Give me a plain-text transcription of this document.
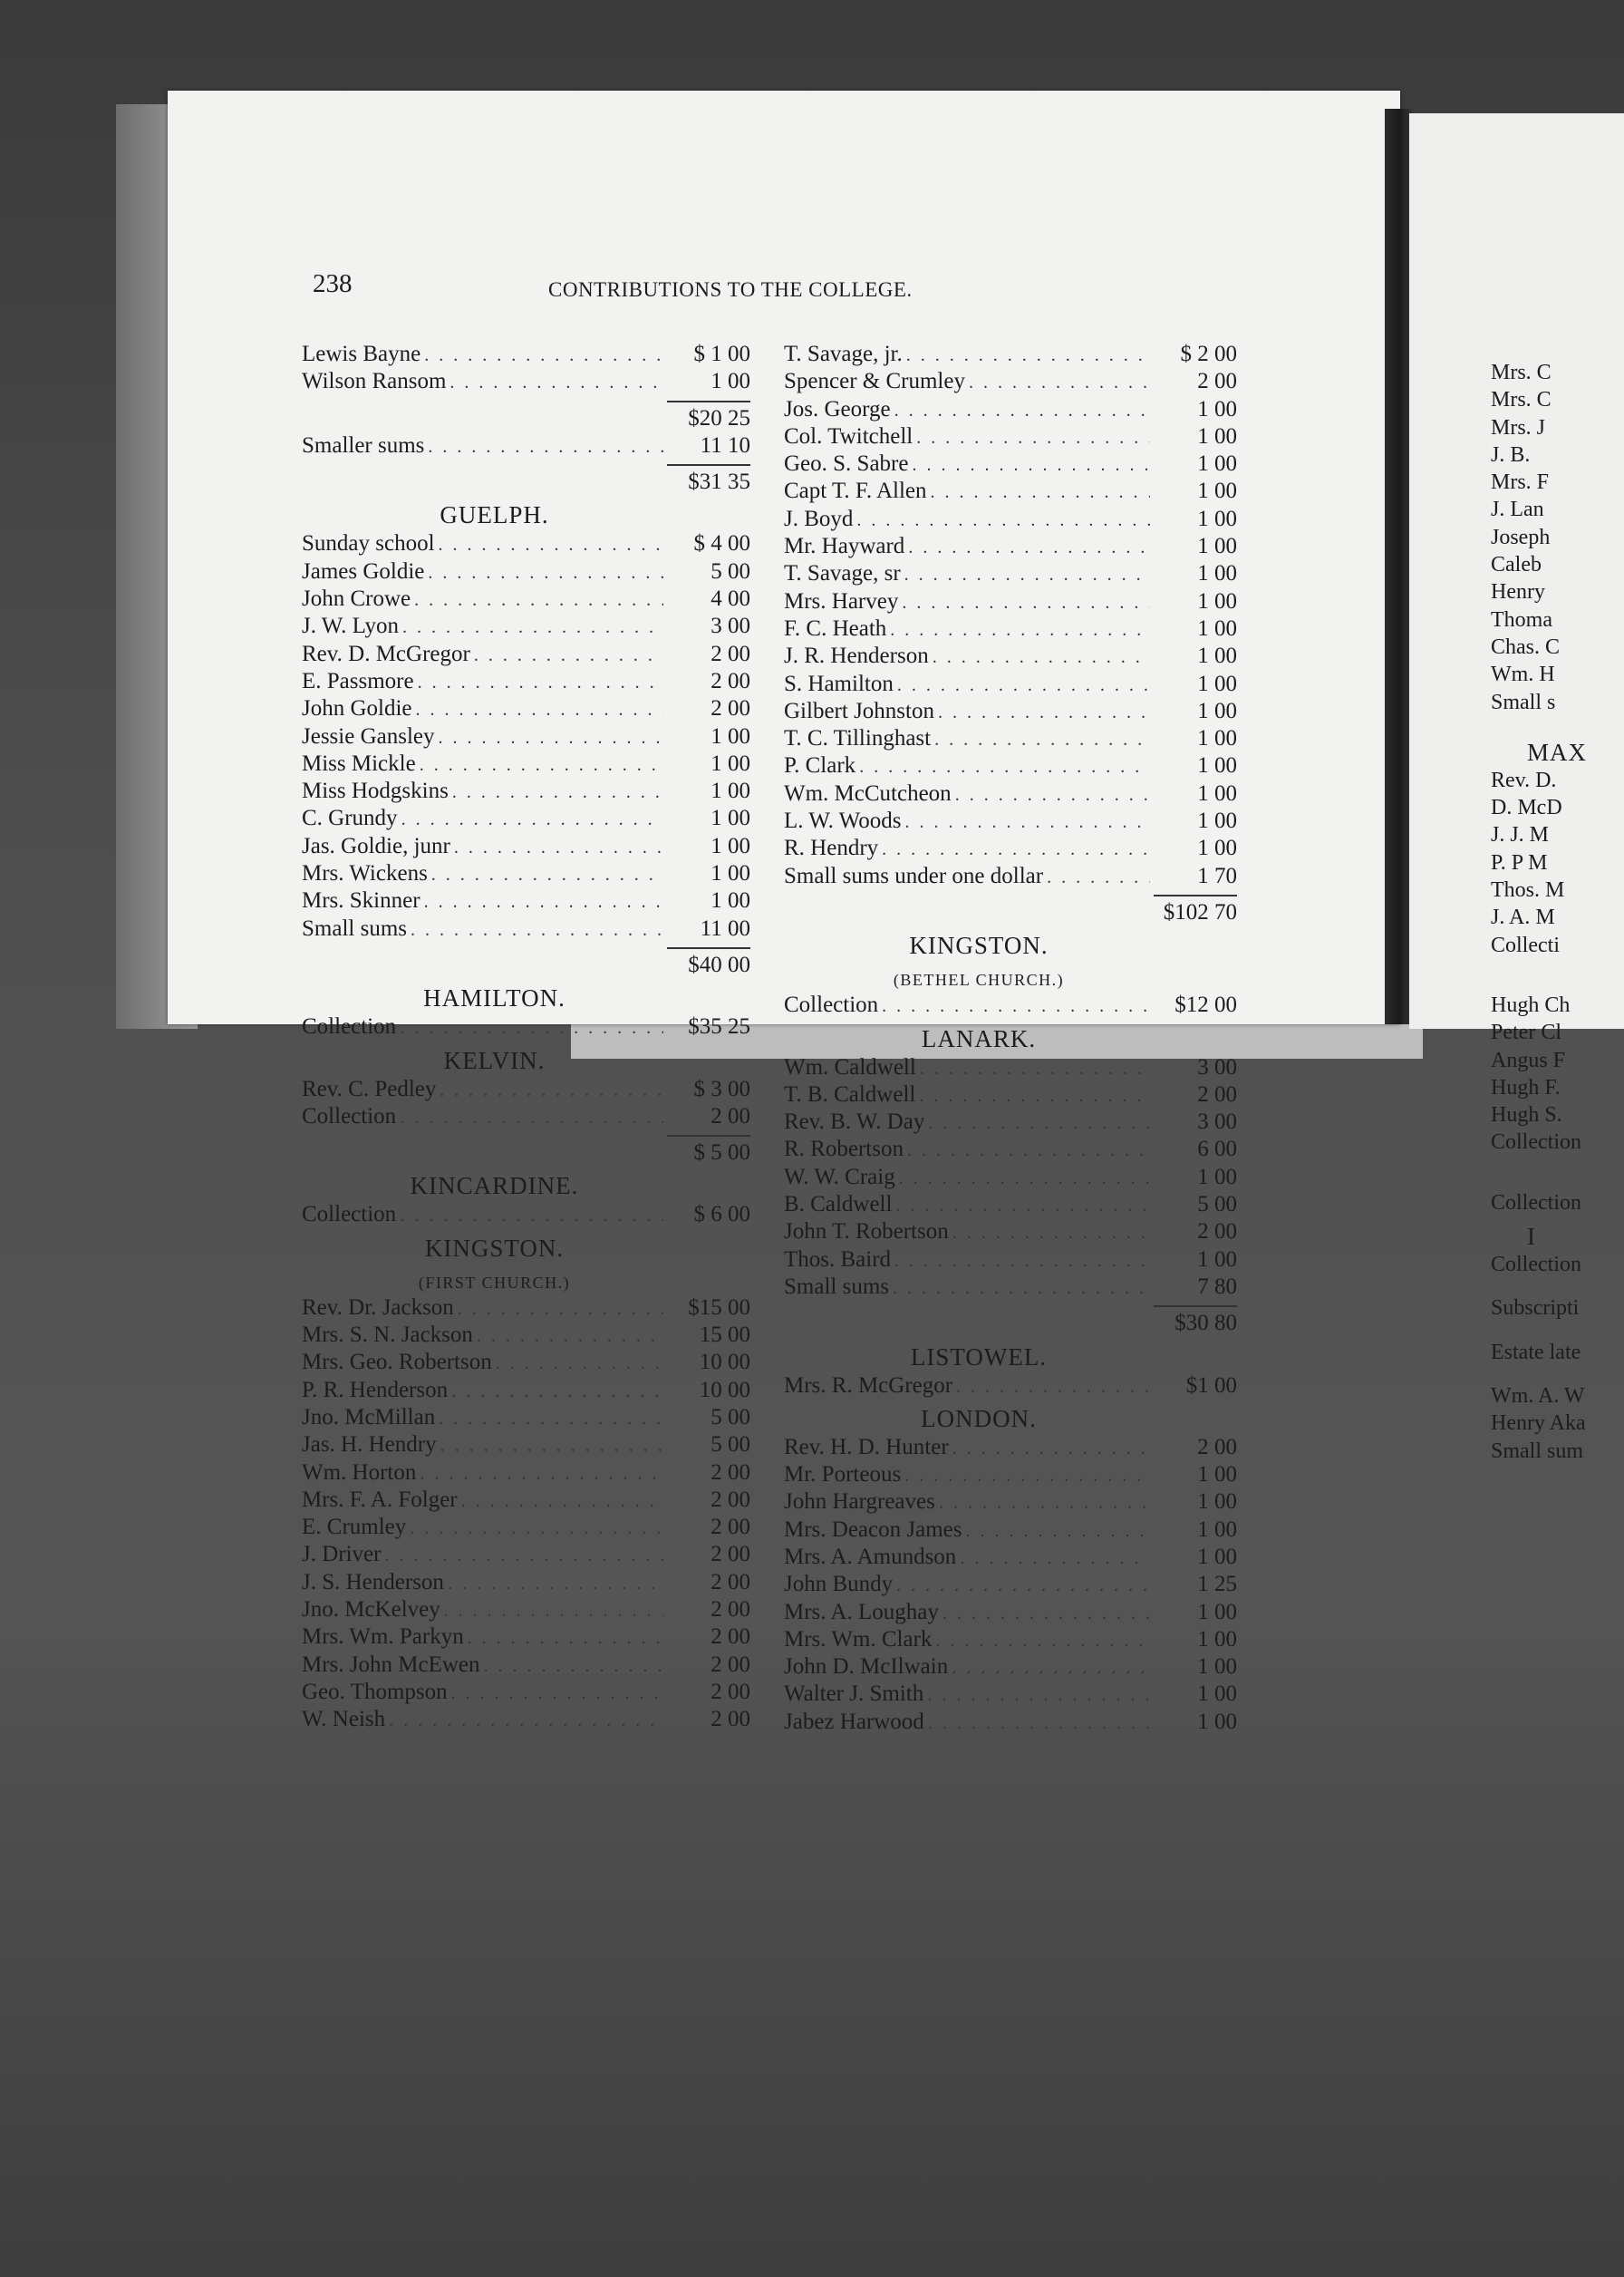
238	CONTRIBUTIONS TO THE COLLEGE.
Lewis Bayne . . .	$ 1 00
Wilson Ransom . . .	1 00
$20 25
Smaller sums . . .	11 10
$31 35
GUELPH.
Sunday school . . .	$ 4 00
James Goldie . . .	5 00
John Crowe . . .	4 00
J. W. Lyon . . .	3 00
Rev. D. McGregor . . .	2 00
E. Passmore . . .	2 00
John Goldie . . .	2 00
Jessie Gansley . . .	1 00
Miss Mickle . . .	1 00
Miss Hodgskins . . .	1 00
C. Grundy . . .	1 00
Jas. Goldie, junr . . .	1 00
Mrs. Wickens . . .	1 00
Mrs. Skinner . . .	1 00
Small sums . . .	11 00
$40 00
HAMILTON.
Collection . . .	$35 25
KELVIN.
Rev. C. Pedley . . .	$ 3 00
Collection . . .	2 00
$ 5 00
KINCARDINE.
Collection . . .	$ 6 00
KINGSTON.
(FIRST CHURCH.)
Rev. Dr. Jackson . . .	$15 00
Mrs. S. N. Jackson . . .	15 00
Mrs. Geo. Robertson . . .	10 00
P. R. Henderson . . .	10 00
Jno. McMillan . . .	5 00
Jas. H. Hendry . . .	5 00
Wm. Horton . . .	2 00
Mrs. F. A. Folger . . .	2 00
E. Crumley . . .	2 00
J. Driver . . .	2 00
J. S. Henderson . . .	2 00
Jno. McKelvey . . .	2 00
Mrs. Wm. Parkyn . . .	2 00
Mrs. John McEwen . . .	2 00
Geo. Thompson . . .	2 00
W. Neish . . .	2 00
T. Savage, jr. . . .	$ 2 00
Spencer & Crumley . . .	2 00
Jos. George . . .	1 00
Col. Twitchell . . .	1 00
Geo. S. Sabre . . .	1 00
Capt T. F. Allen . . .	1 00
J. Boyd . . .	1 00
Mr. Hayward . . .	1 00
T. Savage, sr . . .	1 00
Mrs. Harvey . . .	1 00
F. C. Heath . . .	1 00
J. R. Henderson . . .	1 00
S. Hamilton . . .	1 00
Gilbert Johnston . . .	1 00
T. C. Tillinghast . . .	1 00
P. Clark . . .	1 00
Wm. McCutcheon . . .	1 00
L. W. Woods . . .	1 00
R. Hendry . . .	1 00
Small sums under one dollar . . .	1 70
$102 70
KINGSTON.
(BETHEL CHURCH.)
Collection . . .	$12 00
LANARK.
Wm. Caldwell . . .	3 00
T. B. Caldwell . . .	2 00
Rev. B. W. Day . . .	3 00
R. Robertson . . .	6 00
W. W. Craig . . .	1 00
B. Caldwell . . .	5 00
John T. Robertson . . .	2 00
Thos. Baird . . .	1 00
Small sums . . .	7 80
$30 80
LISTOWEL.
Mrs. R. McGregor . . .	$1 00
LONDON.
Rev. H. D. Hunter . . .	2 00
Mr. Porteous . . .	1 00
John Hargreaves . . .	1 00
Mrs. Deacon James . . .	1 00
Mrs. A. Amundson . . .	1 00
John Bundy . . .	1 25
Mrs. A. Loughay . . .	1 00
Mrs. Wm. Clark . . .	1 00
John D. McIlwain . . .	1 00
Walter J. Smith . . .	1 00
Jabez Harwood . . .	1 00
Mrs. C
Mrs. C
Mrs. J
J. B.
Mrs. F
J. Lan
Joseph
Caleb
Henry
Thoma
Chas. C
Wm. H
Small s
MAX
Rev. D.
D. McD
J. J. M
P. P M
Thos. M
J. A. M
Collecti
Hugh Ch
Peter Cl
Angus F
Hugh F.
Hugh S.
Collection
Collection
I
Collection
Subscripti
Estate late
Wm. A. W
Henry Aka
Small sum
